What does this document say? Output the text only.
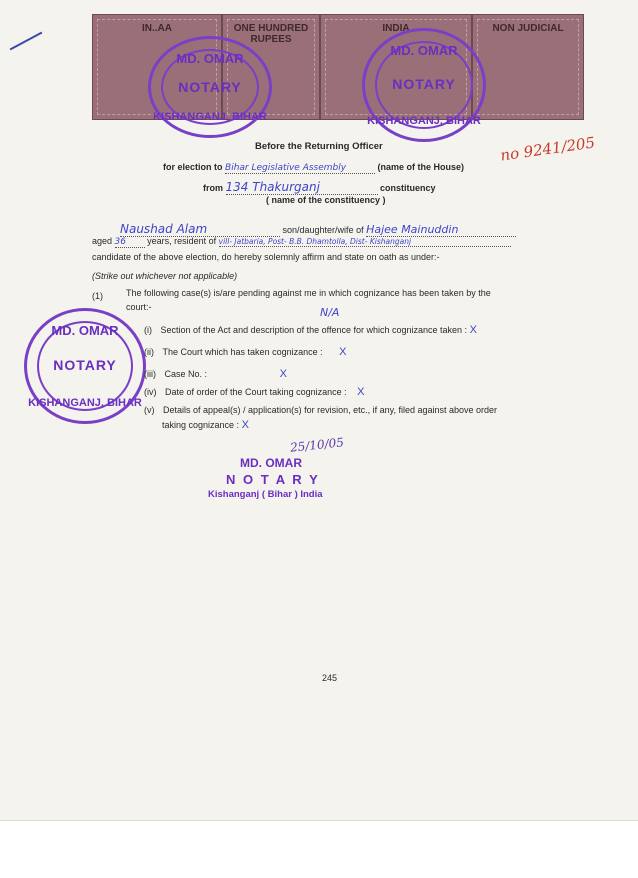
IN..AA	ONE HUNDRED RUPEES
INDIA	NON JUDICIAL
MD. OMAR
NOTARY
KISHANGANJ, BIHAR
MD. OMAR
NOTARY
KISHANGANJ, BIHAR
MD. OMAR
NOTARY
KISHANGANJ, BIHAR
Before the Returning Officer	no 9241/205
for election to Bihar Legislative Assembly	(name of the House)
from 134 Thakurganj	constituency
( name of the constituency )
Naushad Alam	son/daughter/wife of Hajee Mainuddin
aged 36 years, resident of vill- Jatbaria, Post- B.B. Dhamtolla, Dist- Kishanganj
candidate of the above election, do hereby solemnly affirm and state on oath as under:-
(Strike out whichever not applicable)
(1)	The following case(s) is/are pending against me in which cognizance has been taken by the
court:-	N/A
(i) Section of the Act and description of the offence for which cognizance taken : X
(ii) The Court which has taken cognizance : X
(iii) Case No. :	X
(iv) Date of order of the Court taking cognizance : X
(v) Details of appeal(s) / application(s) for revision, etc., if any, filed against above order
taking cognizance : X
25/10/05
MD. OMAR
N O T A R Y
Kishanganj ( Bihar ) India
245
